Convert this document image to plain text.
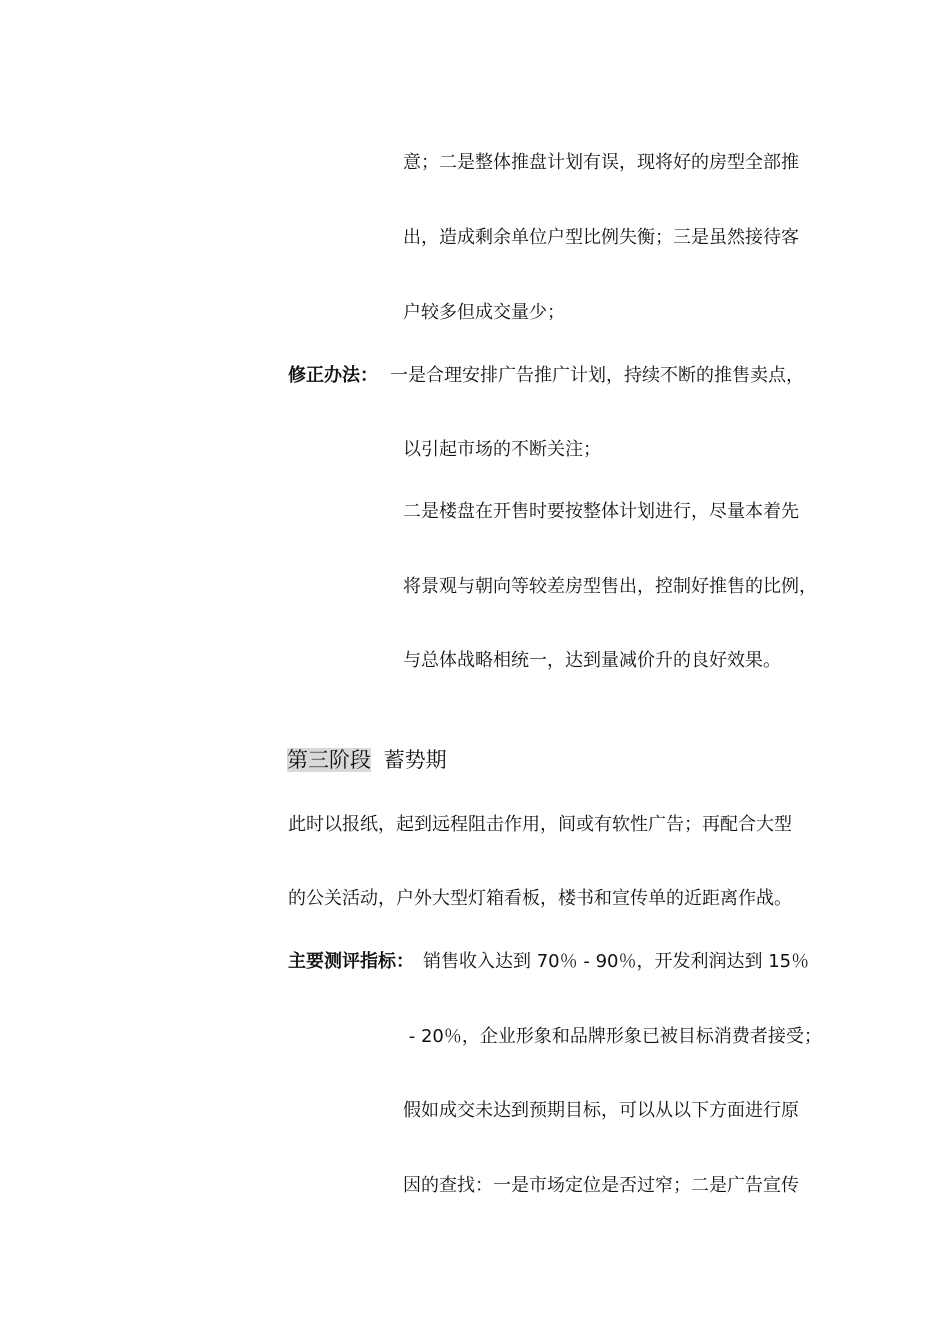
意；二是整体推盘计划有误，现将好的房型全部推
出，造成剩余单位户型比例失衡；三是虽然接待客
户较多但成交量少；
修正办法： 一是合理安排广告推广计划，持续不断的推售卖点，
以引起市场的不断关注；
二是楼盘在开售时要按整体计划进行，尽量本着先
将景观与朝向等较差房型售出，控制好推售的比例，
与总体战略相统一，达到量减价升的良好效果。
第三阶段 蓄势期
此时以报纸，起到远程阻击作用，间或有软性广告；再配合大型
的公关活动，户外大型灯箱看板，楼书和宣传单的近距离作战。
主要测评指标： 销售收入达到 70％ - 90％，开发利润达到 15％
- 20％，企业形象和品牌形象已被目标消费者接受；
假如成交未达到预期目标，可以从以下方面进行原
因的查找：一是市场定位是否过窄；二是广告宣传
